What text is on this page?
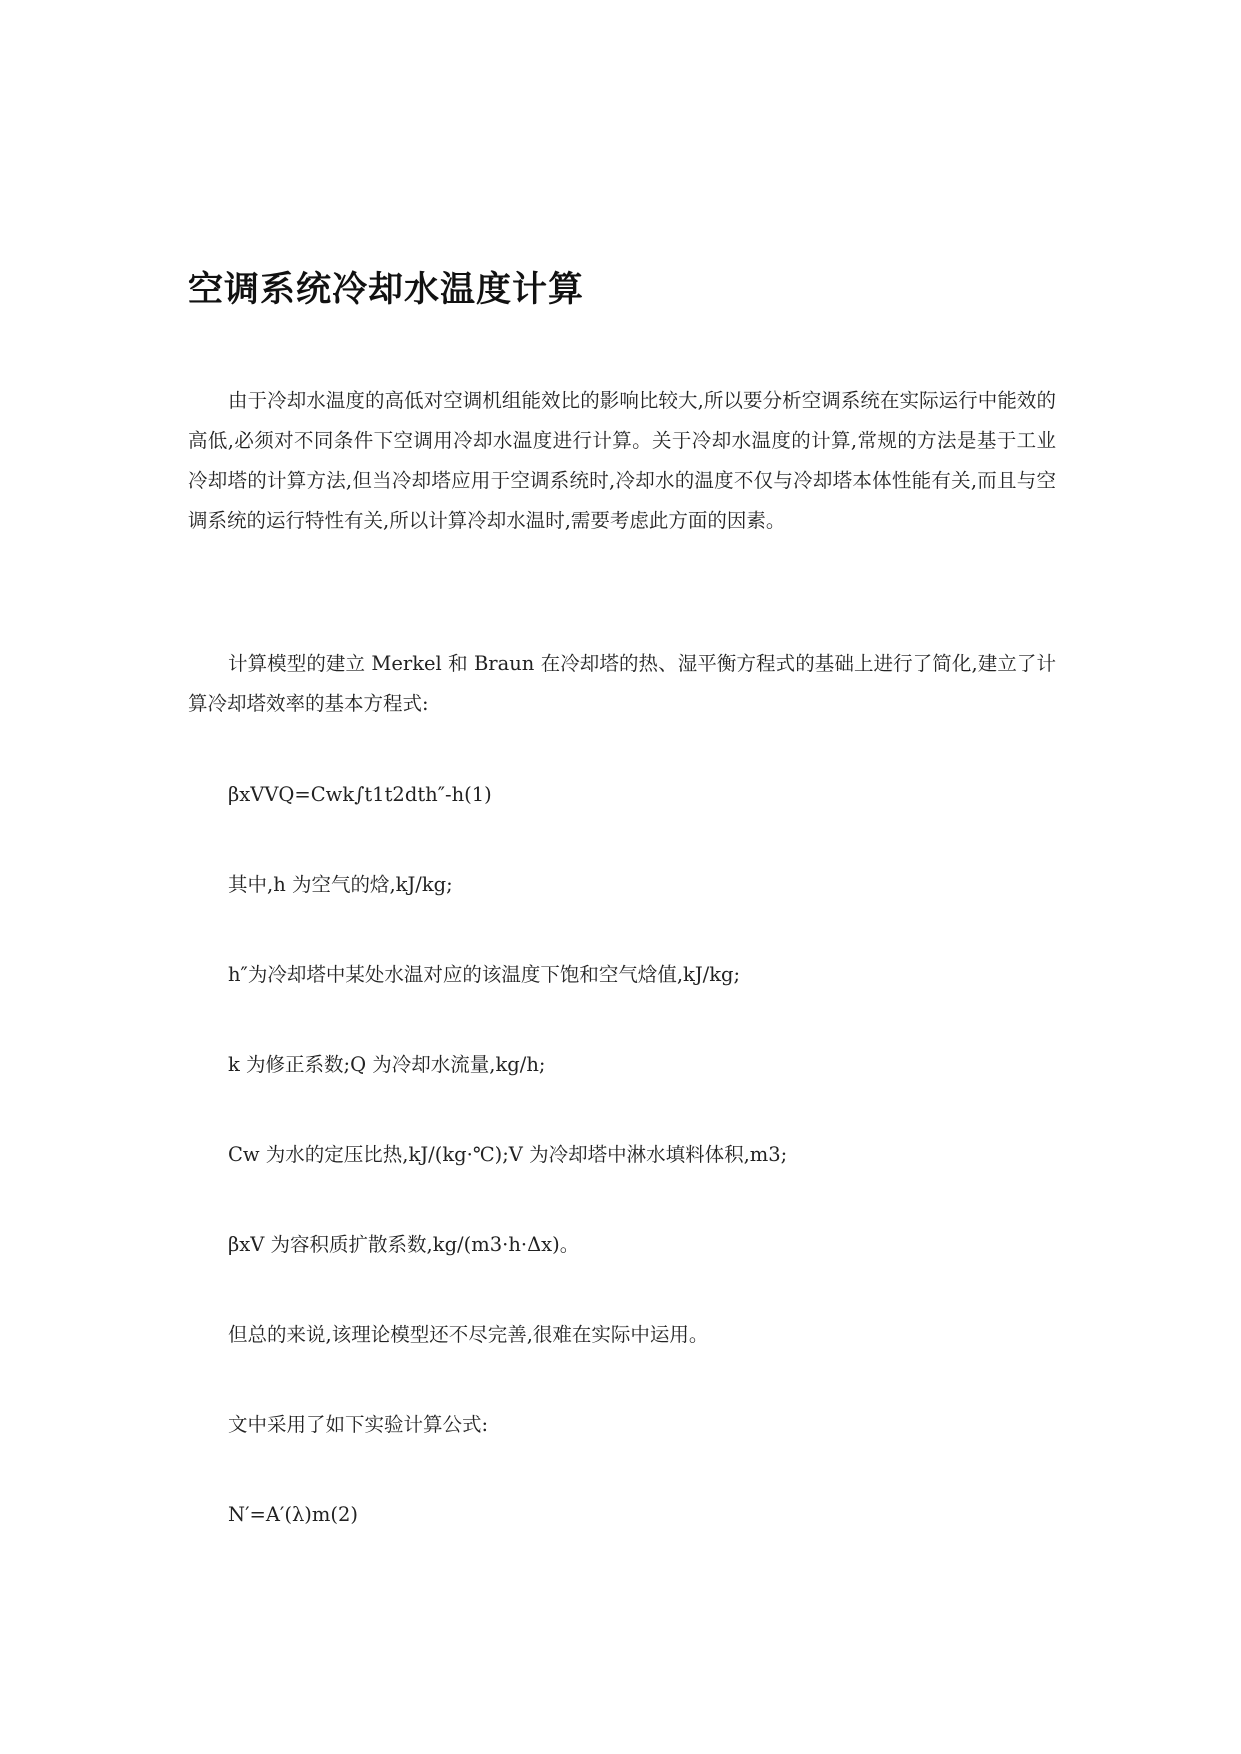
空调系统冷却水温度计算
由于冷却水温度的高低对空调机组能效比的影响比较大,所以要分析空调系统在实际运行中能效的高低,必须对不同条件下空调用冷却水温度进行计算。关于冷却水温度的计算,常规的方法是基于工业冷却塔的计算方法,但当冷却塔应用于空调系统时,冷却水的温度不仅与冷却塔本体性能有关,而且与空调系统的运行特性有关,所以计算冷却水温时,需要考虑此方面的因素。
计算模型的建立 Merkel 和 Braun 在冷却塔的热、湿平衡方程式的基础上进行了简化,建立了计算冷却塔效率的基本方程式:
βxVVQ=Cwk∫t1t2dth″-h(1)
其中,h 为空气的焓,kJ/kg;
h″为冷却塔中某处水温对应的该温度下饱和空气焓值,kJ/kg;
k 为修正系数;Q 为冷却水流量,kg/h;
Cw 为水的定压比热,kJ/(kg·℃);V 为冷却塔中淋水填料体积,m3;
βxV 为容积质扩散系数,kg/(m3·h·Δx)。
但总的来说,该理论模型还不尽完善,很难在实际中运用。
文中采用了如下实验计算公式:
N′=A′(λ)m(2)
